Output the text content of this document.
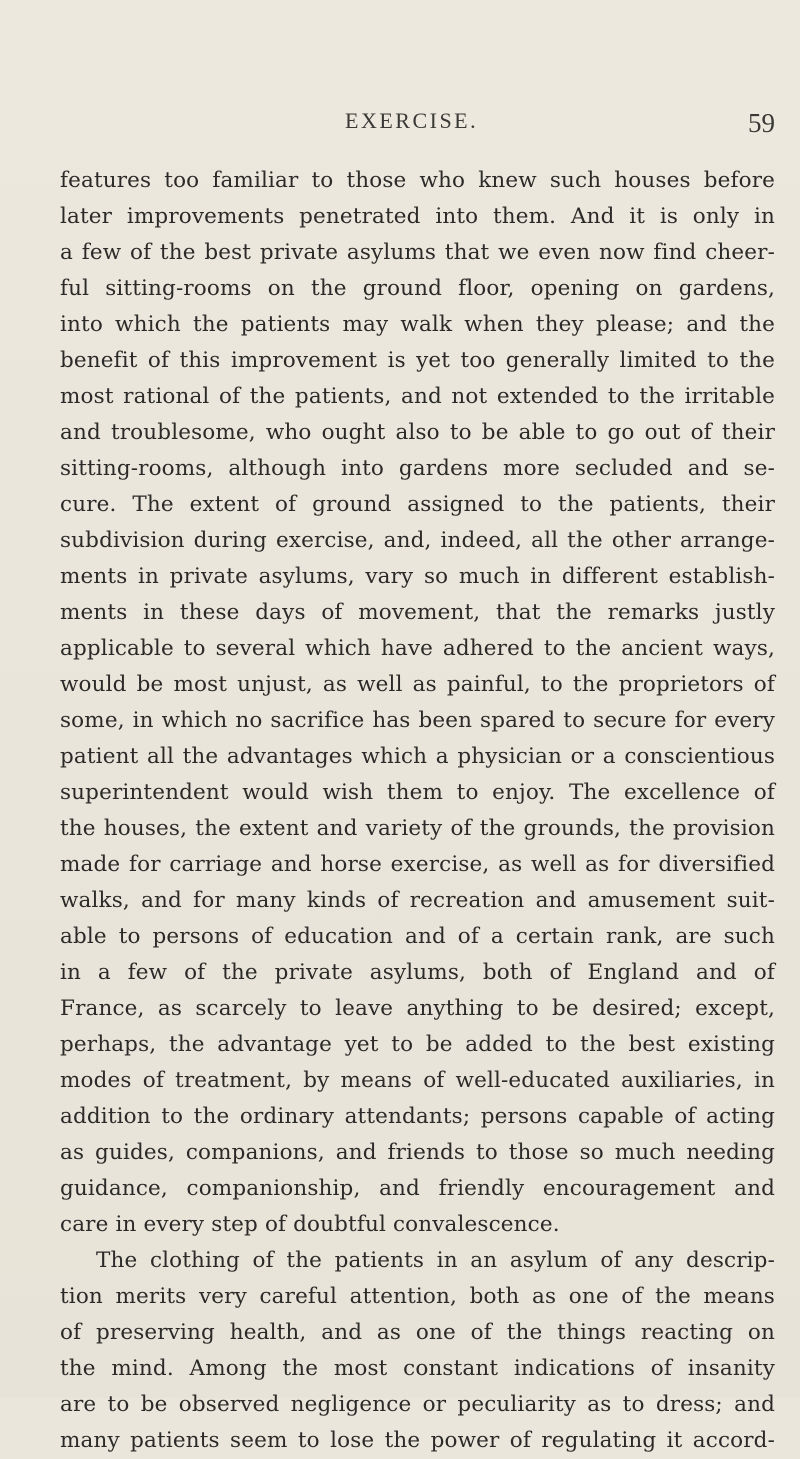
EXERCISE.	59
features too familiar to those who knew such houses before
later improvements penetrated into them. And it is only in
a few of the best private asylums that we even now find cheer-
ful sitting-rooms on the ground floor, opening on gardens,
into which the patients may walk when they please; and the
benefit of this improvement is yet too generally limited to the
most rational of the patients, and not extended to the irritable
and troublesome, who ought also to be able to go out of their
sitting-rooms, although into gardens more secluded and se-
cure. The extent of ground assigned to the patients, their
subdivision during exercise, and, indeed, all the other arrange-
ments in private asylums, vary so much in different establish-
ments in these days of movement, that the remarks justly
applicable to several which have adhered to the ancient ways,
would be most unjust, as well as painful, to the proprietors of
some, in which no sacrifice has been spared to secure for every
patient all the advantages which a physician or a conscientious
superintendent would wish them to enjoy. The excellence of
the houses, the extent and variety of the grounds, the provision
made for carriage and horse exercise, as well as for diversified
walks, and for many kinds of recreation and amusement suit-
able to persons of education and of a certain rank, are such
in a few of the private asylums, both of England and of
France, as scarcely to leave anything to be desired; except,
perhaps, the advantage yet to be added to the best existing
modes of treatment, by means of well-educated auxiliaries, in
addition to the ordinary attendants; persons capable of acting
as guides, companions, and friends to those so much needing
guidance, companionship, and friendly encouragement and
care in every step of doubtful convalescence.
The clothing of the patients in an asylum of any descrip-
tion merits very careful attention, both as one of the means
of preserving health, and as one of the things reacting on
the mind. Among the most constant indications of insanity
are to be observed negligence or peculiarity as to dress; and
many patients seem to lose the power of regulating it accord-
